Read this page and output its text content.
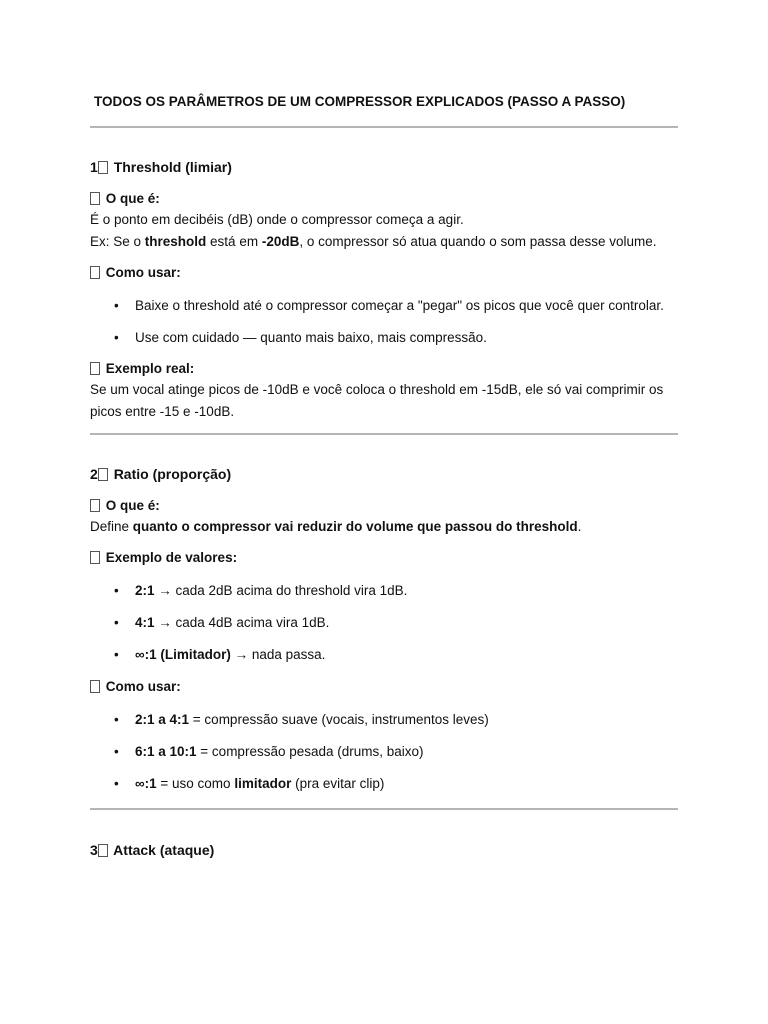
TODOS OS PARÂMETROS DE UM COMPRESSOR EXPLICADOS (PASSO A PASSO)
1 Threshold (limiar)
O que é:
É o ponto em decibéis (dB) onde o compressor começa a agir.
Ex: Se o threshold está em -20dB, o compressor só atua quando o som passa desse volume.
Como usar:
• Baixe o threshold até o compressor começar a "pegar" os picos que você quer controlar.
• Use com cuidado — quanto mais baixo, mais compressão.
Exemplo real:
Se um vocal atinge picos de -10dB e você coloca o threshold em -15dB, ele só vai comprimir os
picos entre -15 e -10dB.
2 Ratio (proporção)
O que é:
Define quanto o compressor vai reduzir do volume que passou do threshold.
Exemplo de valores:
• 2:1 → cada 2dB acima do threshold vira 1dB.
• 4:1 → cada 4dB acima vira 1dB.
• ∞:1 (Limitador) → nada passa.
Como usar:
• 2:1 a 4:1 = compressão suave (vocais, instrumentos leves)
• 6:1 a 10:1 = compressão pesada (drums, baixo)
• ∞:1 = uso como limitador (pra evitar clip)
3 Attack (ataque)
